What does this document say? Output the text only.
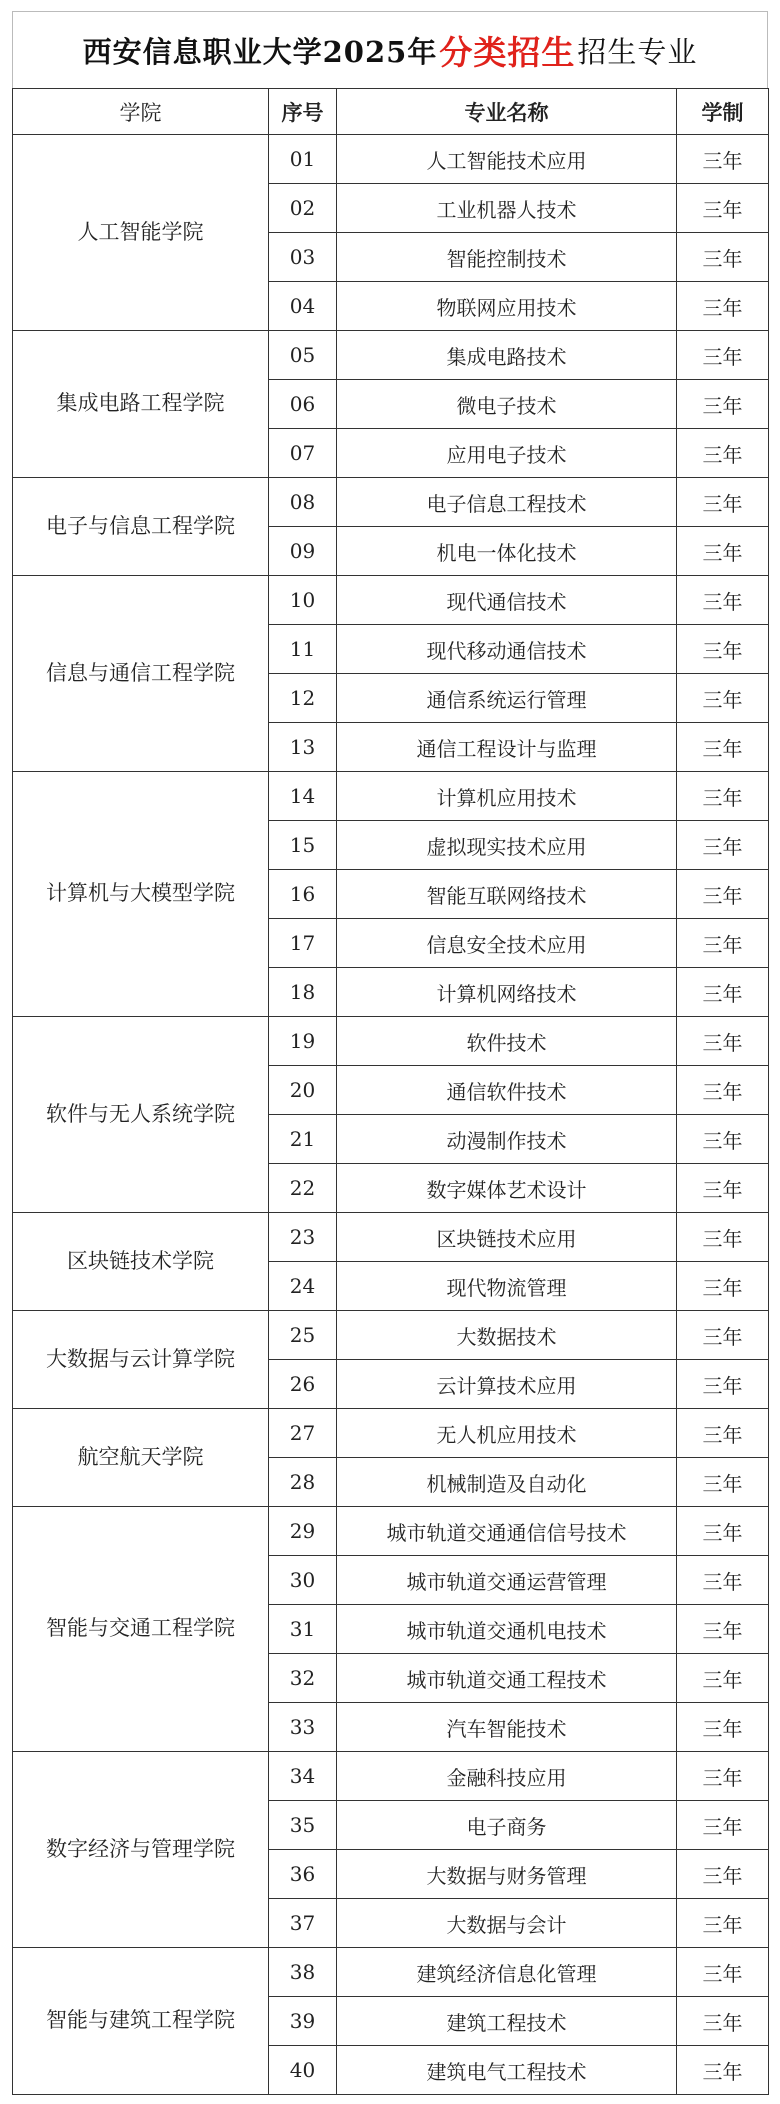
西安信息职业大学2025年 分类招生 招生专业
学院	序号	专业名称	学制
人工智能学院	01	人工智能技术应用	三年
	02	工业机器人技术	三年
	03	智能控制技术	三年
	04	物联网应用技术	三年
集成电路工程学院	05	集成电路技术	三年
	06	微电子技术	三年
	07	应用电子技术	三年
电子与信息工程学院	08	电子信息工程技术	三年
	09	机电一体化技术	三年
信息与通信工程学院	10	现代通信技术	三年
	11	现代移动通信技术	三年
	12	通信系统运行管理	三年
	13	通信工程设计与监理	三年
计算机与大模型学院	14	计算机应用技术	三年
	15	虚拟现实技术应用	三年
	16	智能互联网络技术	三年
	17	信息安全技术应用	三年
	18	计算机网络技术	三年
软件与无人系统学院	19	软件技术	三年
	20	通信软件技术	三年
	21	动漫制作技术	三年
	22	数字媒体艺术设计	三年
区块链技术学院	23	区块链技术应用	三年
	24	现代物流管理	三年
大数据与云计算学院	25	大数据技术	三年
	26	云计算技术应用	三年
航空航天学院	27	无人机应用技术	三年
	28	机械制造及自动化	三年
智能与交通工程学院	29	城市轨道交通通信信号技术	三年
	30	城市轨道交通运营管理	三年
	31	城市轨道交通机电技术	三年
	32	城市轨道交通工程技术	三年
	33	汽车智能技术	三年
数字经济与管理学院	34	金融科技应用	三年
	35	电子商务	三年
	36	大数据与财务管理	三年
	37	大数据与会计	三年
智能与建筑工程学院	38	建筑经济信息化管理	三年
	39	建筑工程技术	三年
	40	建筑电气工程技术	三年
